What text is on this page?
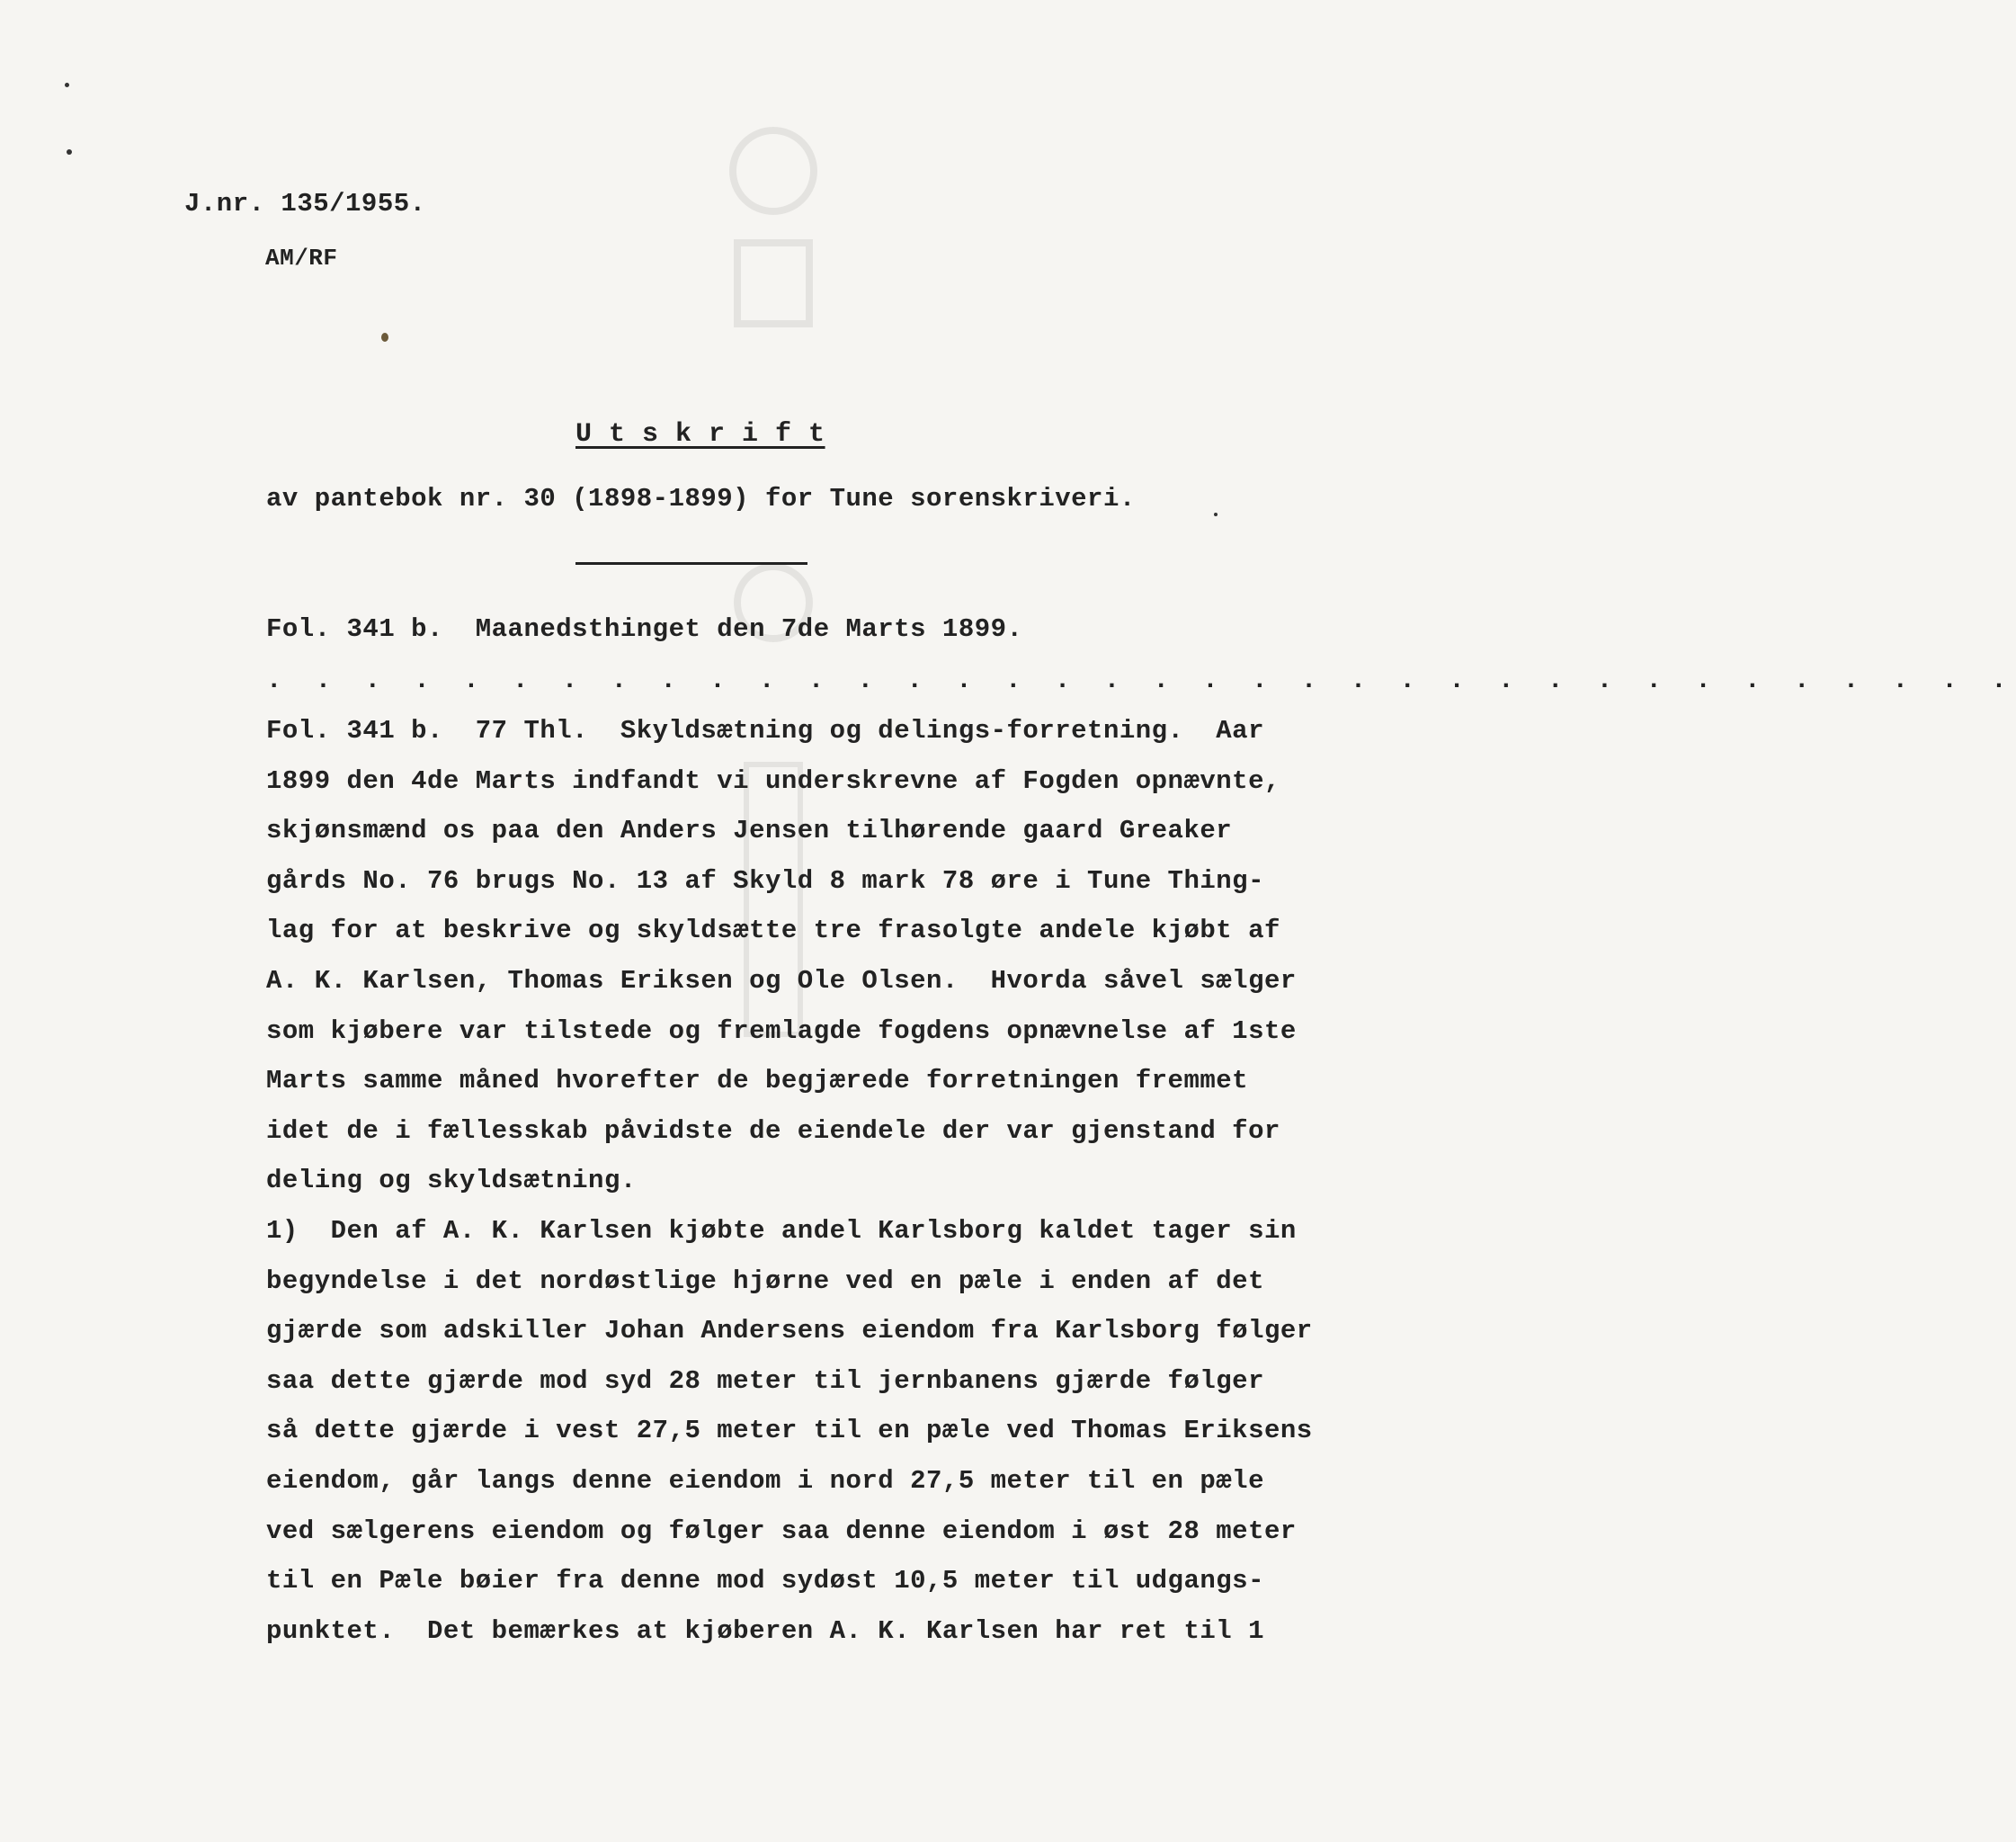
J.nr. 135/1955.
AM/RF
U t s k r i f t
av pantebok nr. 30 (1898-1899) for Tune sorenskriveri.
Fol. 341 b.  Maanedsthinget den 7de Marts 1899.
. . . . . . . . . . . . . . . . . . . . . . . . . . . . . . . . . . . .
Fol. 341 b.  77 Thl.  Skyldsætning og delings-forretning.  Aar
1899 den 4de Marts indfandt vi underskrevne af Fogden opnævnte,
skjønsmænd os paa den Anders Jensen tilhørende gaard Greaker
gårds No. 76 brugs No. 13 af Skyld 8 mark 78 øre i Tune Thing-
lag for at beskrive og skyldsætte tre frasolgte andele kjøbt af
A. K. Karlsen, Thomas Eriksen og Ole Olsen.  Hvorda såvel sælger
som kjøbere var tilstede og fremlagde fogdens opnævnelse af 1ste
Marts samme måned hvorefter de begjærede forretningen fremmet
idet de i fællesskab påvidste de eiendele der var gjenstand for
deling og skyldsætning.
1)  Den af A. K. Karlsen kjøbte andel Karlsborg kaldet tager sin
begyndelse i det nordøstlige hjørne ved en pæle i enden af det
gjærde som adskiller Johan Andersens eiendom fra Karlsborg følger
saa dette gjærde mod syd 28 meter til jernbanens gjærde følger
så dette gjærde i vest 27,5 meter til en pæle ved Thomas Eriksens
eiendom, går langs denne eiendom i nord 27,5 meter til en pæle
ved sælgerens eiendom og følger saa denne eiendom i øst 28 meter
til en Pæle bøier fra denne mod sydøst 10,5 meter til udgangs-
punktet.  Det bemærkes at kjøberen A. K. Karlsen har ret til 1
